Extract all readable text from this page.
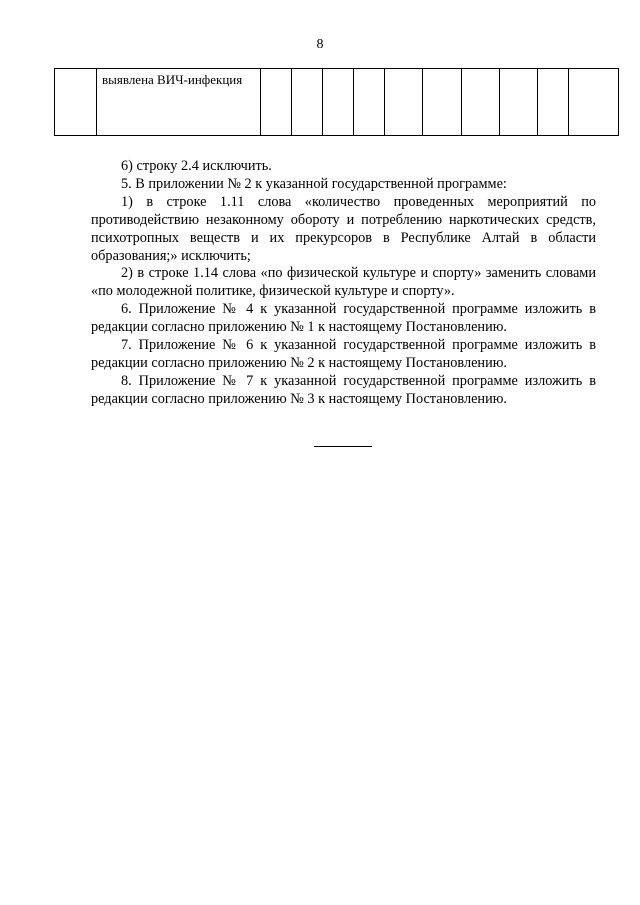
8

выявлена ВИЧ-инфекция

6) строку 2.4 исключить.

5. В приложении № 2 к указанной государственной программе:

1) в строке 1.11 слова «количество проведенных мероприятий по противодействию незаконному обороту и потреблению наркотических средств, психотропных веществ и их прекурсоров в Республике Алтай в области образования;» исключить;

2) в строке 1.14 слова «по физической культуре и спорту» заменить словами «по молодежной политике, физической культуре и спорту».

6. Приложение № 4 к указанной государственной программе изложить в редакции согласно приложению № 1 к настоящему Постановлению.

7. Приложение № 6 к указанной государственной программе изложить в редакции согласно приложению № 2 к настоящему Постановлению.

8. Приложение № 7 к указанной государственной программе изложить в редакции согласно приложению № 3 к настоящему Постановлению.
